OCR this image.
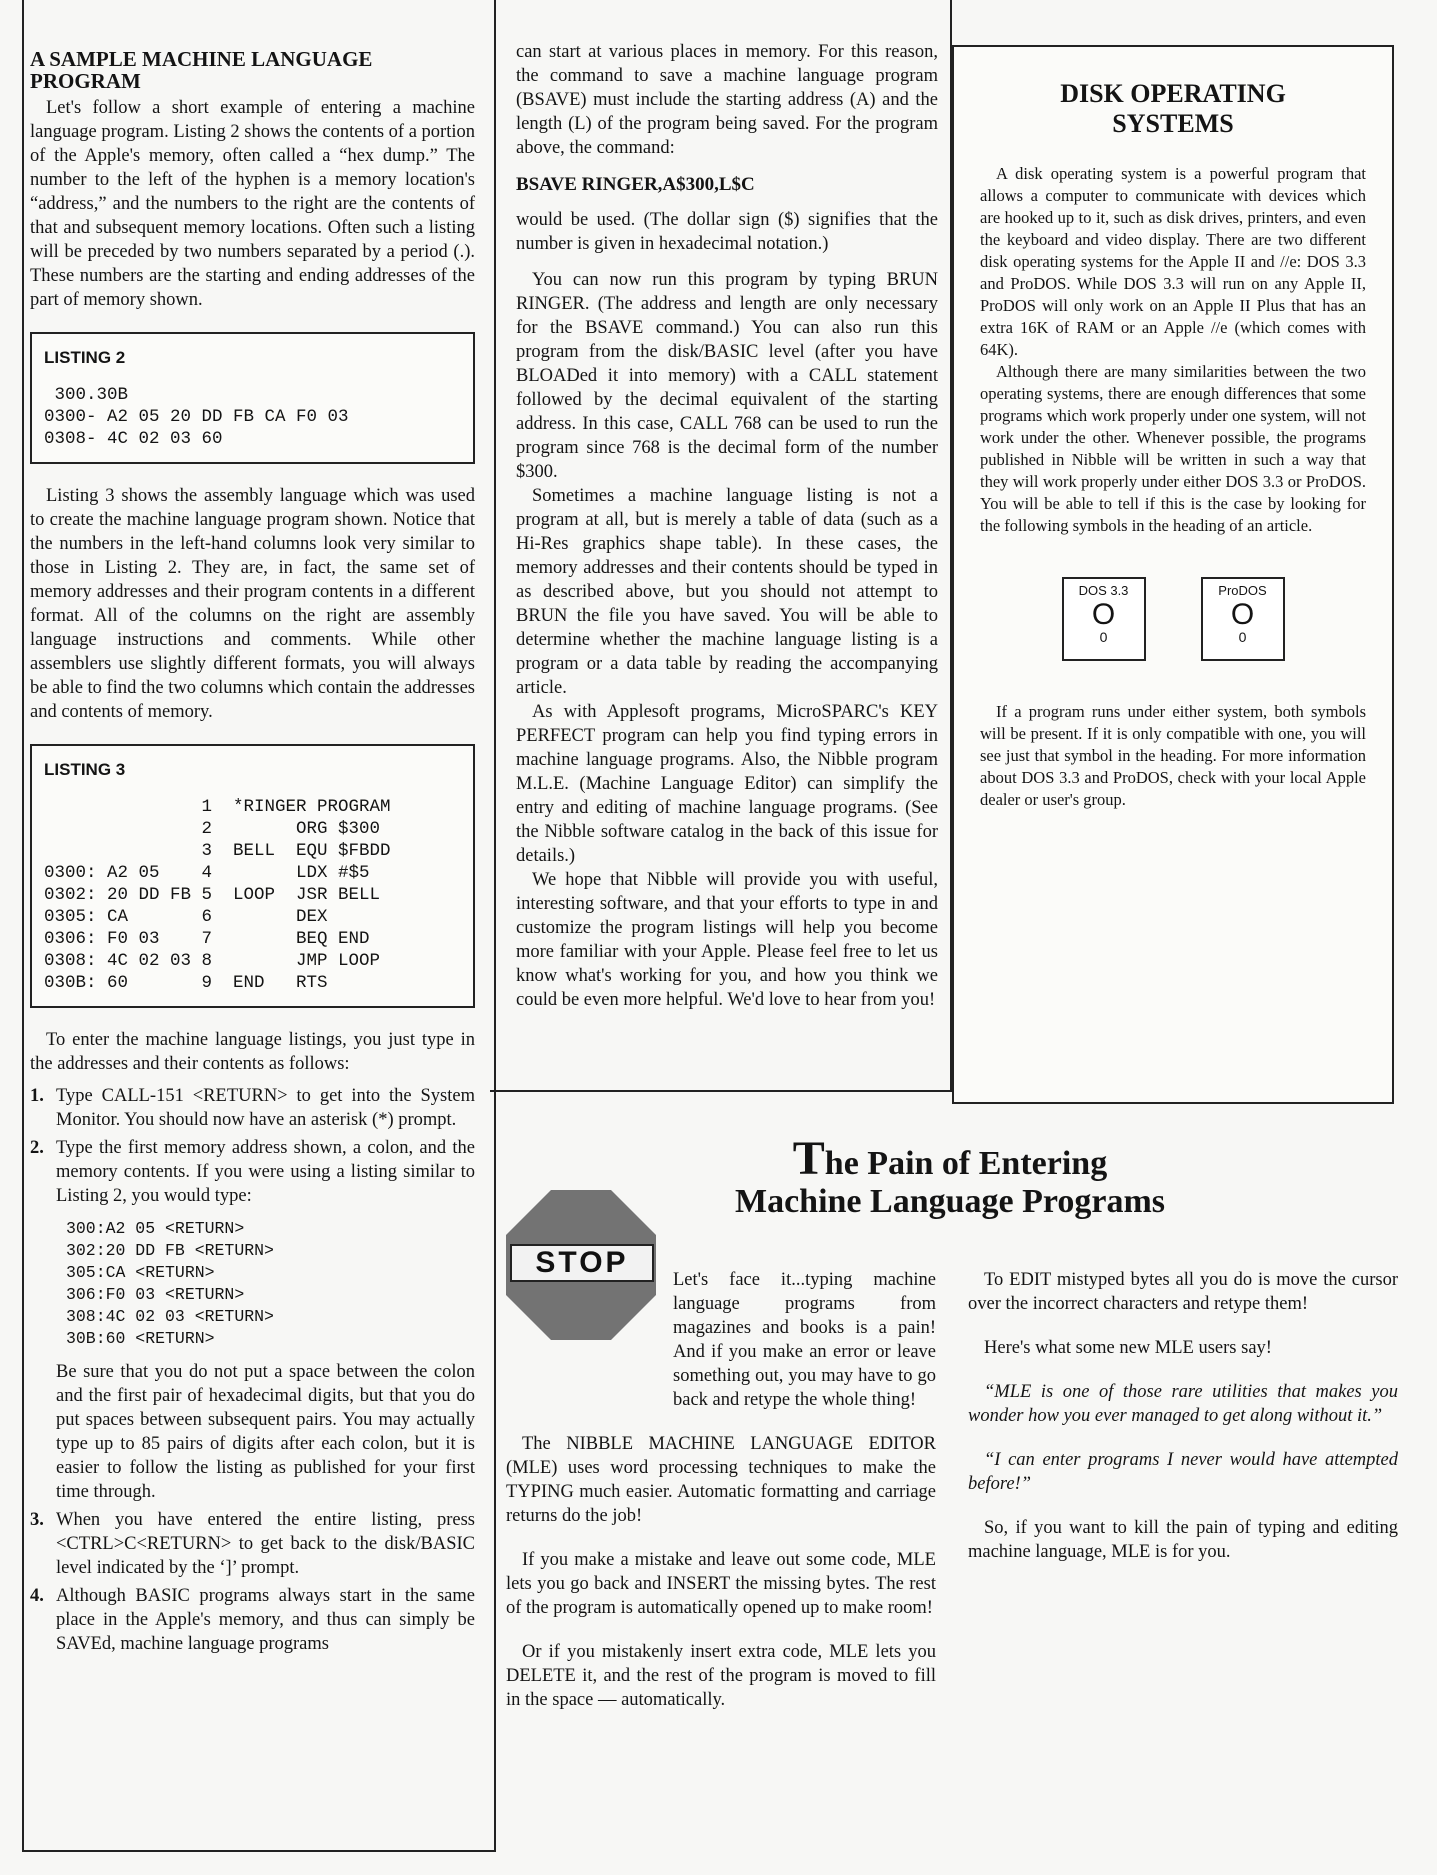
A SAMPLE MACHINE LANGUAGE PROGRAM

Let's follow a short example of entering a machine language program. Listing 2 shows the contents of a portion of the Apple's memory, often called a “hex dump.” The number to the left of the hyphen is a memory location's “address,” and the numbers to the right are the contents of that and subsequent memory locations. Often such a listing will be preceded by two numbers separated by a period (.). These numbers are the starting and ending addresses of the part of memory shown.

LISTING 2
300.30B
0300- A2 05 20 DD FB CA F0 03
0308- 4C 02 03 60

Listing 3 shows the assembly language which was used to create the machine language program shown. Notice that the numbers in the left-hand columns look very similar to those in Listing 2. They are, in fact, the same set of memory addresses and their program contents in a different format. All of the columns on the right are assembly language instructions and comments. While other assemblers use slightly different formats, you will always be able to find the two columns which contain the addresses and contents of memory.

LISTING 3
1  *RINGER PROGRAM
2        ORG $300
3  BELL  EQU $FBDD
0300: A2 05    4        LDX #$5
0302: 20 DD FB 5  LOOP  JSR BELL
0305: CA       6        DEX
0306: F0 03    7        BEQ END
0308: 4C 02 03 8        JMP LOOP
030B: 60       9  END   RTS

To enter the machine language listings, you just type in the addresses and their contents as follows:

1. Type CALL-151 <RETURN> to get into the System Monitor. You should now have an asterisk (*) prompt.
2. Type the first memory address shown, a colon, and the memory contents. If you were using a listing similar to Listing 2, you would type:
300:A2 05 <RETURN>
302:20 DD FB <RETURN>
305:CA <RETURN>
306:F0 03 <RETURN>
308:4C 02 03 <RETURN>
30B:60 <RETURN>
Be sure that you do not put a space between the colon and the first pair of hexadecimal digits, but that you do put spaces between subsequent pairs. You may actually type up to 85 pairs of digits after each colon, but it is easier to follow the listing as published for your first time through.
3. When you have entered the entire listing, press <CTRL>C<RETURN> to get back to the disk/BASIC level indicated by the ‘]’ prompt.
4. Although BASIC programs always start in the same place in the Apple's memory, and thus can simply be SAVEd, machine language programs

can start at various places in memory. For this reason, the command to save a machine language program (BSAVE) must include the starting address (A) and the length (L) of the program being saved. For the program above, the command:

BSAVE RINGER,A$300,L$C

would be used. (The dollar sign ($) signifies that the number is given in hexadecimal notation.)

You can now run this program by typing BRUN RINGER. (The address and length are only necessary for the BSAVE command.) You can also run this program from the disk/BASIC level (after you have BLOADed it into memory) with a CALL statement followed by the decimal equivalent of the starting address. In this case, CALL 768 can be used to run the program since 768 is the decimal form of the number $300.

Sometimes a machine language listing is not a program at all, but is merely a table of data (such as a Hi-Res graphics shape table). In these cases, the memory addresses and their contents should be typed in as described above, but you should not attempt to BRUN the file you have saved. You will be able to determine whether the machine language listing is a program or a data table by reading the accompanying article.

As with Applesoft programs, MicroSPARC's KEY PERFECT program can help you find typing errors in machine language programs. Also, the Nibble program M.L.E. (Machine Language Editor) can simplify the entry and editing of machine language programs. (See the Nibble software catalog in the back of this issue for details.)

We hope that Nibble will provide you with useful, interesting software, and that your efforts to type in and customize the program listings will help you become more familiar with your Apple. Please feel free to let us know what's working for you, and how you think we could be even more helpful. We'd love to hear from you!

DISK OPERATING
SYSTEMS

A disk operating system is a powerful program that allows a computer to communicate with devices which are hooked up to it, such as disk drives, printers, and even the keyboard and video display. There are two different disk operating systems for the Apple II and //e: DOS 3.3 and ProDOS. While DOS 3.3 will run on any Apple II, ProDOS will only work on an Apple II Plus that has an extra 16K of RAM or an Apple //e (which comes with 64K).

Although there are many similarities between the two operating systems, there are enough differences that some programs which work properly under one system, will not work under the other. Whenever possible, the programs published in Nibble will be written in such a way that they will work properly under either DOS 3.3 or ProDOS. You will be able to tell if this is the case by looking for the following symbols in the heading of an article.

DOS 3.3
O
0
ProDOS
O
0

If a program runs under either system, both symbols will be present. If it is only compatible with one, you will see just that symbol in the heading. For more information about DOS 3.3 and ProDOS, check with your local Apple dealer or user's group.

The Pain of Entering
Machine Language Programs
STOP

Let's face it...typing machine language programs from magazines and books is a pain! And if you make an error or leave something out, you may have to go back and retype the whole thing!

The NIBBLE MACHINE LANGUAGE EDITOR (MLE) uses word processing techniques to make the TYPING much easier. Automatic formatting and carriage returns do the job!

If you make a mistake and leave out some code, MLE lets you go back and INSERT the missing bytes. The rest of the program is automatically opened up to make room!

Or if you mistakenly insert extra code, MLE lets you DELETE it, and the rest of the program is moved to fill in the space — automatically.

To EDIT mistyped bytes all you do is move the cursor over the incorrect characters and retype them!

Here's what some new MLE users say!

“MLE is one of those rare utilities that makes you wonder how you ever managed to get along without it.”

“I can enter programs I never would have attempted before!”

So, if you want to kill the pain of typing and editing machine language, MLE is for you.
